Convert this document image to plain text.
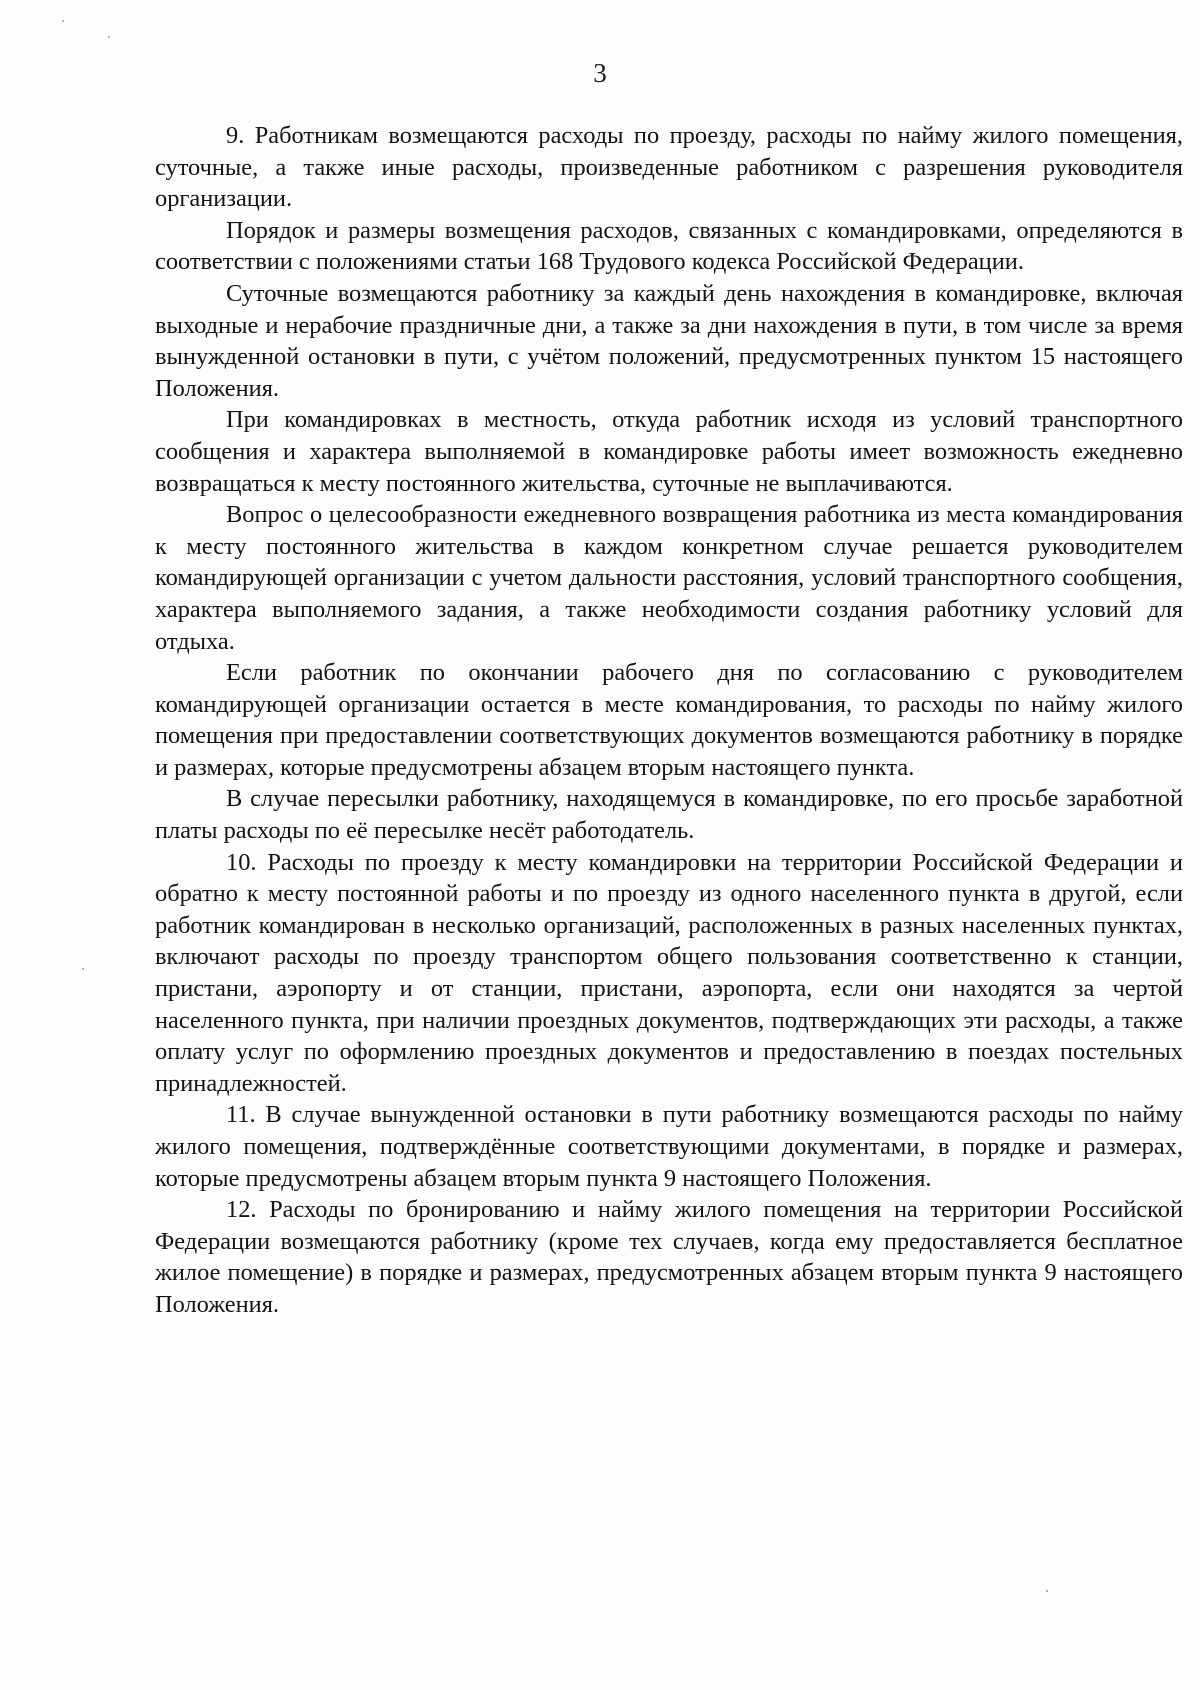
3

9. Работникам возмещаются расходы по проезду, расходы по найму жилого помещения, суточные, а также иные расходы, произведенные работником с разрешения руководителя организации.

Порядок и размеры возмещения расходов, связанных с командировками, определяются в соответствии с положениями статьи 168 Трудового кодекса Российской Федерации.

Суточные возмещаются работнику за каждый день нахождения в командировке, включая выходные и нерабочие праздничные дни, а также за дни нахождения в пути, в том числе за время вынужденной остановки в пути, с учётом положений, предусмотренных пунктом 15 настоящего Положения.

При командировках в местность, откуда работник исходя из условий транспортного сообщения и характера выполняемой в командировке работы имеет возможность ежедневно возвращаться к месту постоянного жительства, суточные не выплачиваются.

Вопрос о целесообразности ежедневного возвращения работника из места командирования к месту постоянного жительства в каждом конкретном случае решается руководителем командирующей организации с учетом дальности расстояния, условий транспортного сообщения, характера выполняемого задания, а также необходимости создания работнику условий для отдыха.

Если работник по окончании рабочего дня по согласованию с руководителем командирующей организации остается в месте командирования, то расходы по найму жилого помещения при предоставлении соответствующих документов возмещаются работнику в порядке и размерах, которые предусмотрены абзацем вторым настоящего пункта.

В случае пересылки работнику, находящемуся в командировке, по его просьбе заработной платы расходы по её пересылке несёт работодатель.

10. Расходы по проезду к месту командировки на территории Российской Федерации и обратно к месту постоянной работы и по проезду из одного населенного пункта в другой, если работник командирован в несколько организаций, расположенных в разных населенных пунктах, включают расходы по проезду транспортом общего пользования соответственно к станции, пристани, аэропорту и от станции, пристани, аэропорта, если они находятся за чертой населенного пункта, при наличии проездных документов, подтверждающих эти расходы, а также оплату услуг по оформлению проездных документов и предоставлению в поездах постельных принадлежностей.

11. В случае вынужденной остановки в пути работнику возмещаются расходы по найму жилого помещения, подтверждённые соответствующими документами, в порядке и размерах, которые предусмотрены абзацем вторым пункта 9 настоящего Положения.

12. Расходы по бронированию и найму жилого помещения на территории Российской Федерации возмещаются работнику (кроме тех случаев, когда ему предоставляется бесплатное жилое помещение) в порядке и размерах, предусмотренных абзацем вторым пункта 9 настоящего Положения.
